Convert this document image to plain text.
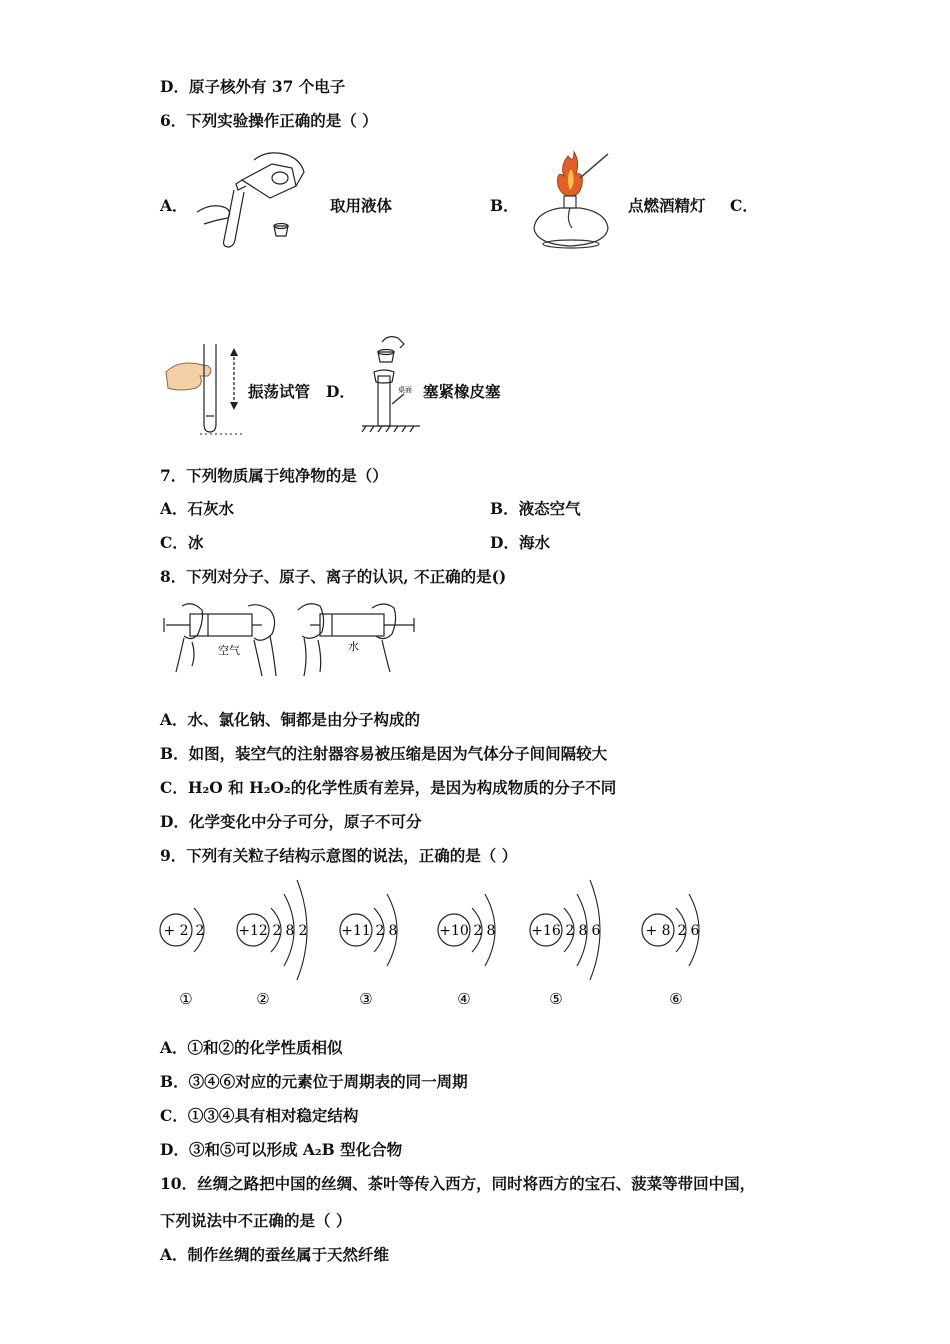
D．原子核外有 37 个电子
6．下列实验操作正确的是（ ）
A．	取用液体	B．	点燃酒精灯 C．
振荡试管 D．	桌面 塞紧橡皮塞
7．下列物质属于纯净物的是（）
A．石灰水	B．液态空气
C．冰	D．海水
8．下列对分子、原子、离子的认识, 不正确的是()
空气	水
A．水、氯化钠、铜都是由分子构成的
B．如图，装空气的注射器容易被压缩是因为气体分子间间隔较大
C．H₂O 和 H₂O₂的化学性质有差异，是因为构成物质的分子不同
D．化学变化中分子可分，原子不可分
9．下列有关粒子结构示意图的说法，正确的是（ ）
+ 2 2
①
+12 2 8 2
②
+11 2 8
③
+10 2 8
④
+16 2 8 6
⑤
+ 8 2 6
⑥
A．①和②的化学性质相似
B．③④⑥对应的元素位于周期表的同一周期
C．①③④具有相对稳定结构
D．③和⑤可以形成 A₂B 型化合物
10．丝绸之路把中国的丝绸、茶叶等传入西方，同时将西方的宝石、菠菜等带回中国，
下列说法中不正确的是（ ）
A．制作丝绸的蚕丝属于天然纤维
